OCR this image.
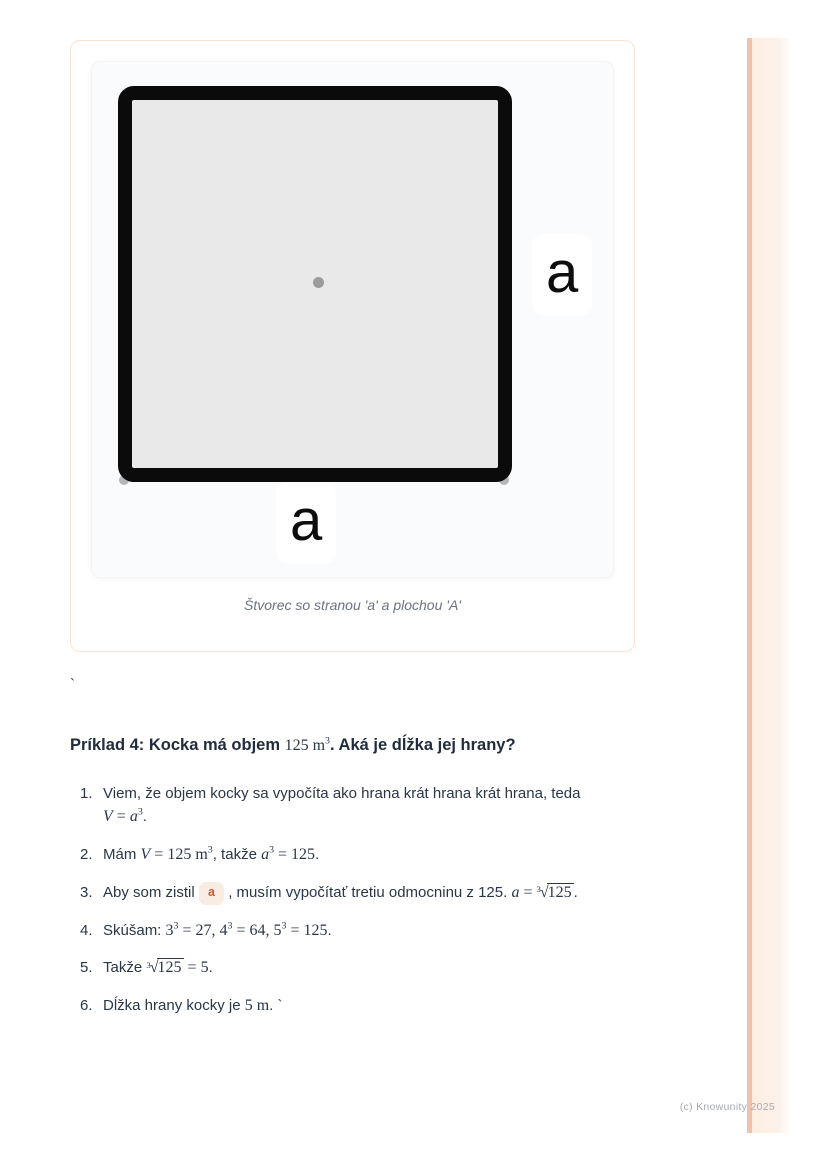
a
a
Štvorec so stranou 'a' a plochou 'A'
`
Príklad 4: Kocka má objem 125 $m^3$. Aká je dĺžka jej hrany?
1. Viem, že objem kocky sa vypočíta ako hrana krát hrana krát hrana, teda
$V = a^3$.
2. Mám V = 125 $m^3$, takže $a^3 = 125$.
3. Aby som zistil a , musím vypočítať tretiu odmocninu z 125. a = $^3$ √ 125 .
4. Skúšam: $3^3 = 27$, $4^3 = 64$, $5^3 = 125$.
5. Takže $^3$ √ 125 = 5.
6. Dĺžka hrany kocky je 5 m. `
(c) Knowunity 2025
